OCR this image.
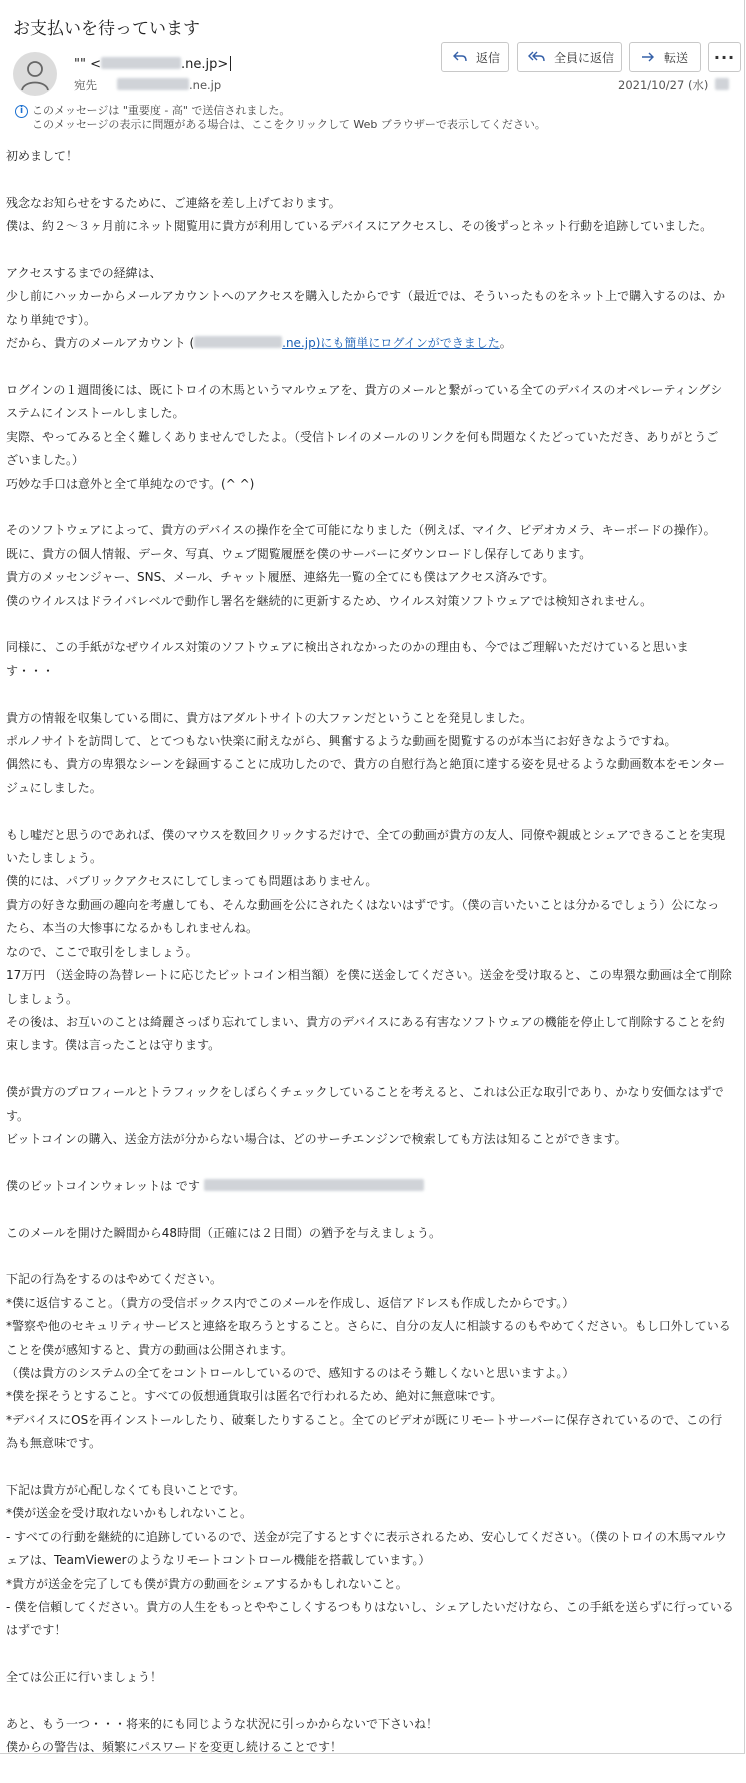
お支払いを待っています
"" <	.ne.jp>
宛先	.ne.jp
返信	全員に返信	転送	···
2021/10/27 (水)
i このメッセージは "重要度 - 高" で送信されました。
このメッセージの表示に問題がある場合は、ここをクリックして Web ブラウザーで表示してください。
初めまして！
残念なお知らせをするために、ご連絡を差し上げております。
僕は、約２～３ヶ月前にネット閲覧用に貴方が利用しているデバイスにアクセスし、その後ずっとネット行動を追跡していました。
アクセスするまでの経緯は、
少し前にハッカーからメールアカウントへのアクセスを購入したからです（最近では、そういったものをネット上で購入するのは、か
なり単純です）。
だから、貴方のメールアカウント (	.ne.jp)にも簡単にログインができました。
ログインの１週間後には、既にトロイの木馬というマルウェアを、貴方のメールと繋がっている全てのデバイスのオペレーティングシ
ステムにインストールしました。
実際、やってみると全く難しくありませんでしたよ。（受信トレイのメールのリンクを何も問題なくたどっていただき、ありがとうご
ざいました。）
巧妙な手口は意外と全て単純なのです。(^ ^)
そのソフトウェアによって、貴方のデバイスの操作を全て可能になりました（例えば、マイク、ビデオカメラ、キーボードの操作）。
既に、貴方の個人情報、データ、写真、ウェブ閲覧履歴を僕のサーバーにダウンロードし保存してあります。
貴方のメッセンジャー、SNS、メール、チャット履歴、連絡先一覧の全てにも僕はアクセス済みです。
僕のウイルスはドライバレベルで動作し署名を継続的に更新するため、ウイルス対策ソフトウェアでは検知されません。
同様に、この手紙がなぜウイルス対策のソフトウェアに検出されなかったのかの理由も、今ではご理解いただけていると思いま
す・・・
貴方の情報を収集している間に、貴方はアダルトサイトの大ファンだということを発見しました。
ポルノサイトを訪問して、とてつもない快楽に耐えながら、興奮するような動画を閲覧するのが本当にお好きなようですね。
偶然にも、貴方の卑猥なシーンを録画することに成功したので、貴方の自慰行為と絶頂に達する姿を見せるような動画数本をモンター
ジュにしました。
もし嘘だと思うのであれば、僕のマウスを数回クリックするだけで、全ての動画が貴方の友人、同僚や親戚とシェアできることを実現
いたしましょう。
僕的には、パブリックアクセスにしてしまっても問題はありません。
貴方の好きな動画の趣向を考慮しても、そんな動画を公にされたくはないはずです。（僕の言いたいことは分かるでしょう）公になっ
たら、本当の大惨事になるかもしれませんね。
なので、ここで取引をしましょう。
17万円 （送金時の為替レートに応じたビットコイン相当額）を僕に送金してください。送金を受け取ると、この卑猥な動画は全て削除
しましょう。
その後は、お互いのことは綺麗さっぱり忘れてしまい、貴方のデバイスにある有害なソフトウェアの機能を停止して削除することを約
束します。僕は言ったことは守ります。
僕が貴方のプロフィールとトラフィックをしばらくチェックしていることを考えると、これは公正な取引であり、かなり安価なはずで
す。
ビットコインの購入、送金方法が分からない場合は、どのサーチエンジンで検索しても方法は知ることができます。
僕のビットコインウォレットは です
このメールを開けた瞬間から48時間（正確には２日間）の猶予を与えましょう。
下記の行為をするのはやめてください。
*僕に返信すること。（貴方の受信ボックス内でこのメールを作成し、返信アドレスも作成したからです。）
*警察や他のセキュリティサービスと連絡を取ろうとすること。さらに、自分の友人に相談するのもやめてください。もし口外している
ことを僕が感知すると、貴方の動画は公開されます。
（僕は貴方のシステムの全てをコントロールしているので、感知するのはそう難しくないと思いますよ。）
*僕を探そうとすること。すべての仮想通貨取引は匿名で行われるため、絶対に無意味です。
*デバイスにOSを再インストールしたり、破棄したりすること。全てのビデオが既にリモートサーバーに保存されているので、この行
為も無意味です。
下記は貴方が心配しなくても良いことです。
*僕が送金を受け取れないかもしれないこと。
- すべての行動を継続的に追跡しているので、送金が完了するとすぐに表示されるため、安心してください。（僕のトロイの木馬マルウ
ェアは、TeamViewerのようなリモートコントロール機能を搭載しています。）
*貴方が送金を完了しても僕が貴方の動画をシェアするかもしれないこと。
- 僕を信頼してください。貴方の人生をもっとややこしくするつもりはないし、シェアしたいだけなら、この手紙を送らずに行っている
はずです！
全ては公正に行いましょう！
あと、もう一つ・・・将来的にも同じような状況に引っかからないで下さいね！
僕からの警告は、頻繁にパスワードを変更し続けることです！
